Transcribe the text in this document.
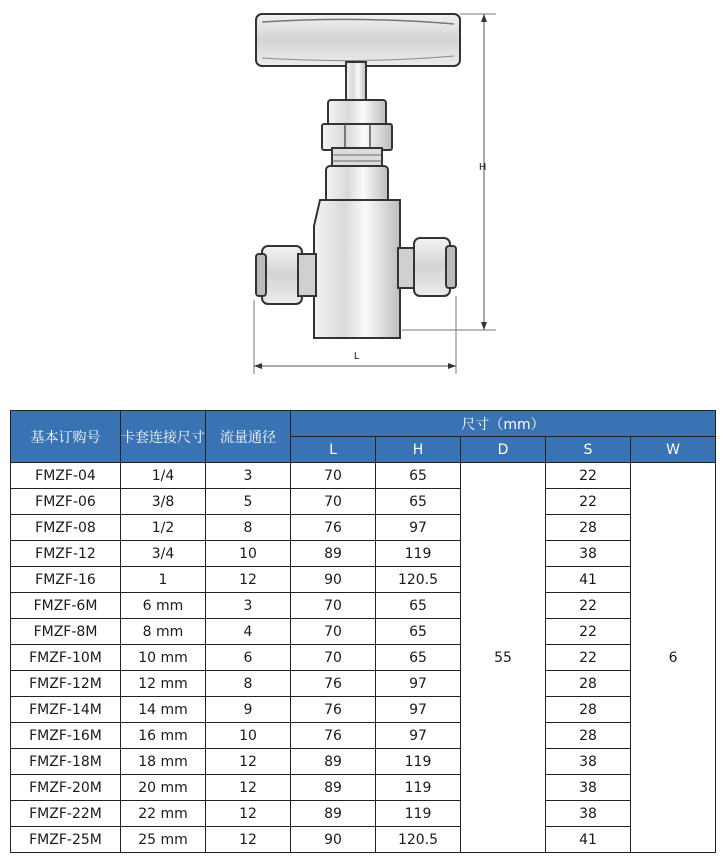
H
L
基本订购号	卡套连接尺寸	流量通径	尺寸（mm）				
			L	H	D	S	W
FMZF-04	1/4	3	70	65	55	22	6
FMZF-06	3/8	5	70	65		22	
FMZF-08	1/2	8	76	97		28	
FMZF-12	3/4	10	89	119		38	
FMZF-16	1	12	90	120.5		41	
FMZF-6M	6 mm	3	70	65		22	
FMZF-8M	8 mm	4	70	65		22	
FMZF-10M	10 mm	6	70	65		22	
FMZF-12M	12 mm	8	76	97		28	
FMZF-14M	14 mm	9	76	97		28	
FMZF-16M	16 mm	10	76	97		28	
FMZF-18M	18 mm	12	89	119		38	
FMZF-20M	20 mm	12	89	119		38	
FMZF-22M	22 mm	12	89	119		38	
FMZF-25M	25 mm	12	90	120.5		41	
